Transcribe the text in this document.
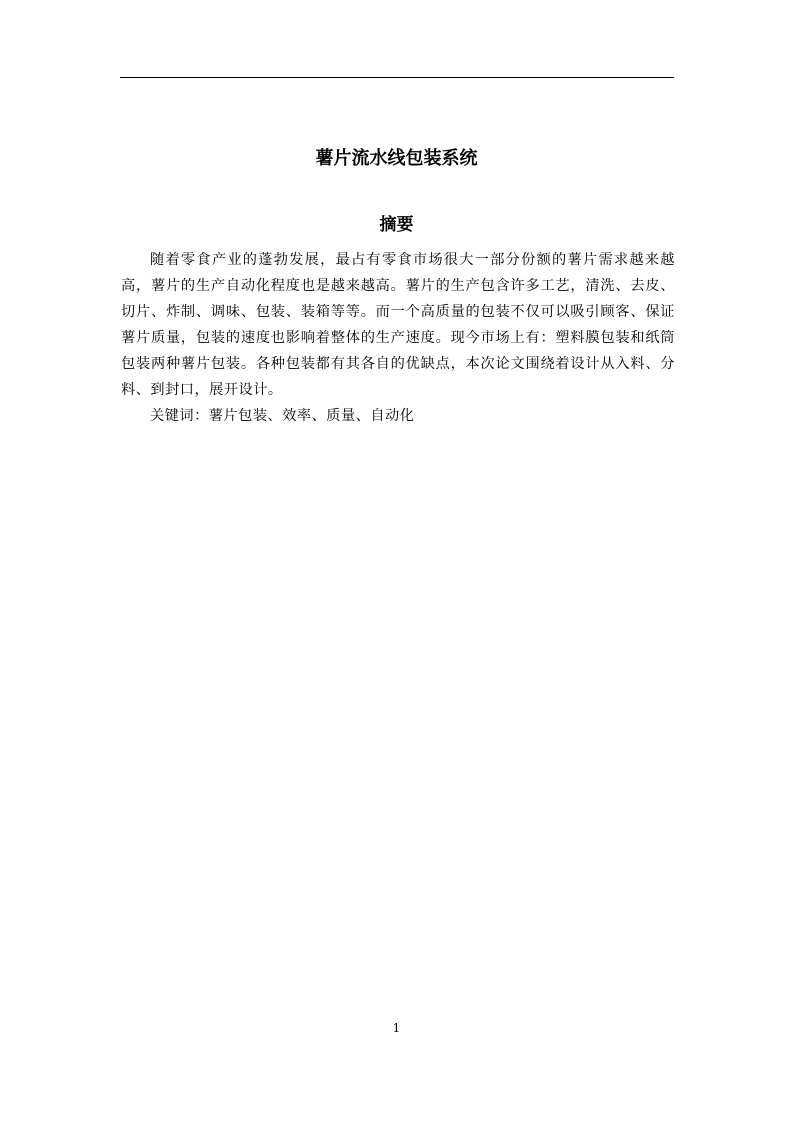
薯片流水线包装系统
摘要

随着零食产业的蓬勃发展，最占有零食市场很大一部分份额的薯片需求越来越高，薯片的生产自动化程度也是越来越高。薯片的生产包含许多工艺，清洗、去皮、切片、炸制、调味、包装、装箱等等。而一个高质量的包装不仅可以吸引顾客、保证薯片质量，包装的速度也影响着整体的生产速度。现今市场上有：塑料膜包装和纸筒包装两种薯片包装。各种包装都有其各自的优缺点，本次论文围绕着设计从入料、分料、到封口，展开设计。

关键词：薯片包装、效率、质量、自动化

1
